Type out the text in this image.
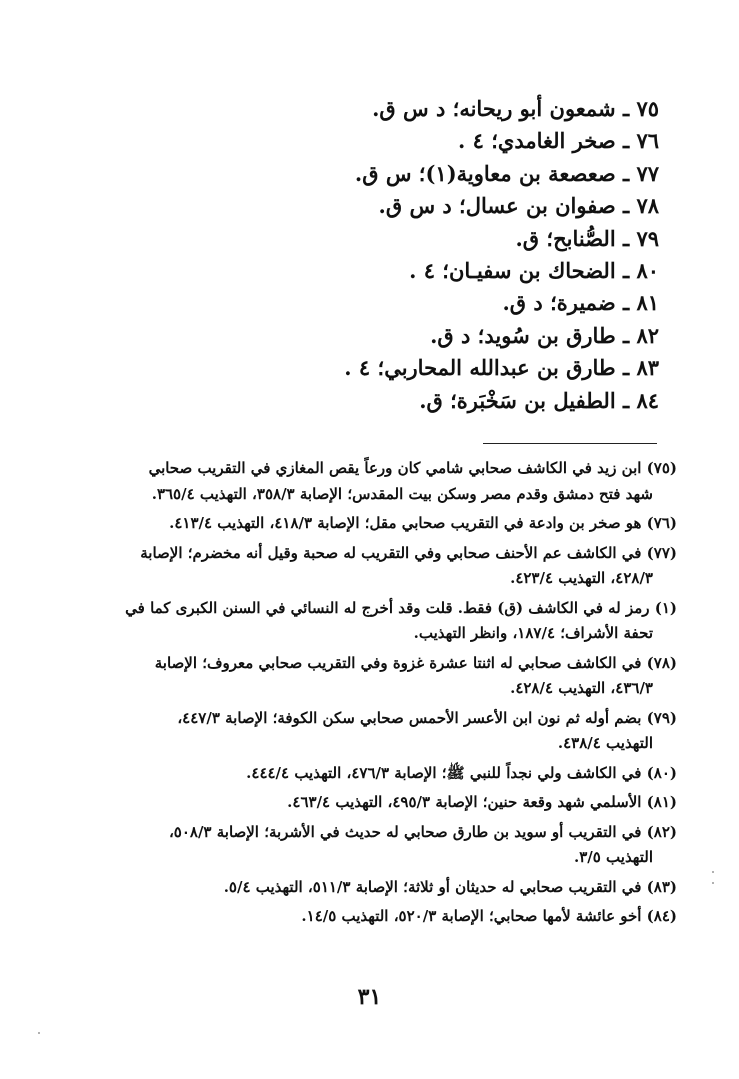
٧٥ ـ شمعون أبو ريحانه؛ د س ق.
٧٦ ـ صخر الغامدي؛ ٤ .
٧٧ ـ صعصعة بن معاوية(١)؛ س ق.
٧٨ ـ صفوان بن عسال؛ د س ق.
٧٩ ـ الصُّنابح؛ ق.
٨٠ ـ الضحاك بن سفيـان؛ ٤ .
٨١ ـ ضميرة؛ د ق.
٨٢ ـ طارق بن سُويد؛ د ق.
٨٣ ـ طارق بن عبدالله المحاربي؛ ٤ .
٨٤ ـ الطفيل بن سَخْبَرة؛ ق.

(٧٥) ابن زيد في الكاشف صحابي شامي كان ورعاً يقص المغازي في التقريب صحابي
شهد فتح دمشق وقدم مصر وسكن بيت المقدس؛ الإصابة ٣٥٨/٣، التهذيب ٣٦٥/٤.

(٧٦) هو صخر بن وادعة في التقريب صحابي مقل؛ الإصابة ٤١٨/٣، التهذيب ٤١٣/٤.

(٧٧) في الكاشف عم الأحنف صحابي وفي التقريب له صحبة وقيل أنه مخضرم؛ الإصابة
٤٢٨/٣، التهذيب ٤٢٣/٤.

(١) رمز له في الكاشف (ق) فقط. قلت وقد أخرج له النسائي في السنن الكبرى كما في
تحفة الأشراف؛ ١٨٧/٤، وانظر التهذيب.

(٧٨) في الكاشف صحابي له اثنتا عشرة غزوة وفي التقريب صحابي معروف؛ الإصابة
٤٣٦/٣، التهذيب ٤٢٨/٤.

(٧٩) بضم أوله ثم نون ابن الأعسر الأحمس صحابي سكن الكوفة؛ الإصابة ٤٤٧/٣،
التهذيب ٤٣٨/٤.

(٨٠) في الكاشف ولي نجداً للنبي ﷺ؛ الإصابة ٤٧٦/٣، التهذيب ٤٤٤/٤.

(٨١) الأسلمي شهد وقعة حنين؛ الإصابة ٤٩٥/٣، التهذيب ٤٦٣/٤.

(٨٢) في التقريب أو سويد بن طارق صحابي له حديث في الأشربة؛ الإصابة ٥٠٨/٣،
التهذيب ٣/٥.

(٨٣) في التقريب صحابي له حديثان أو ثلاثة؛ الإصابة ٥١١/٣، التهذيب ٥/٤.

(٨٤) أخو عائشة لأمها صحابي؛ الإصابة ٥٢٠/٣، التهذيب ١٤/٥.

٣١
